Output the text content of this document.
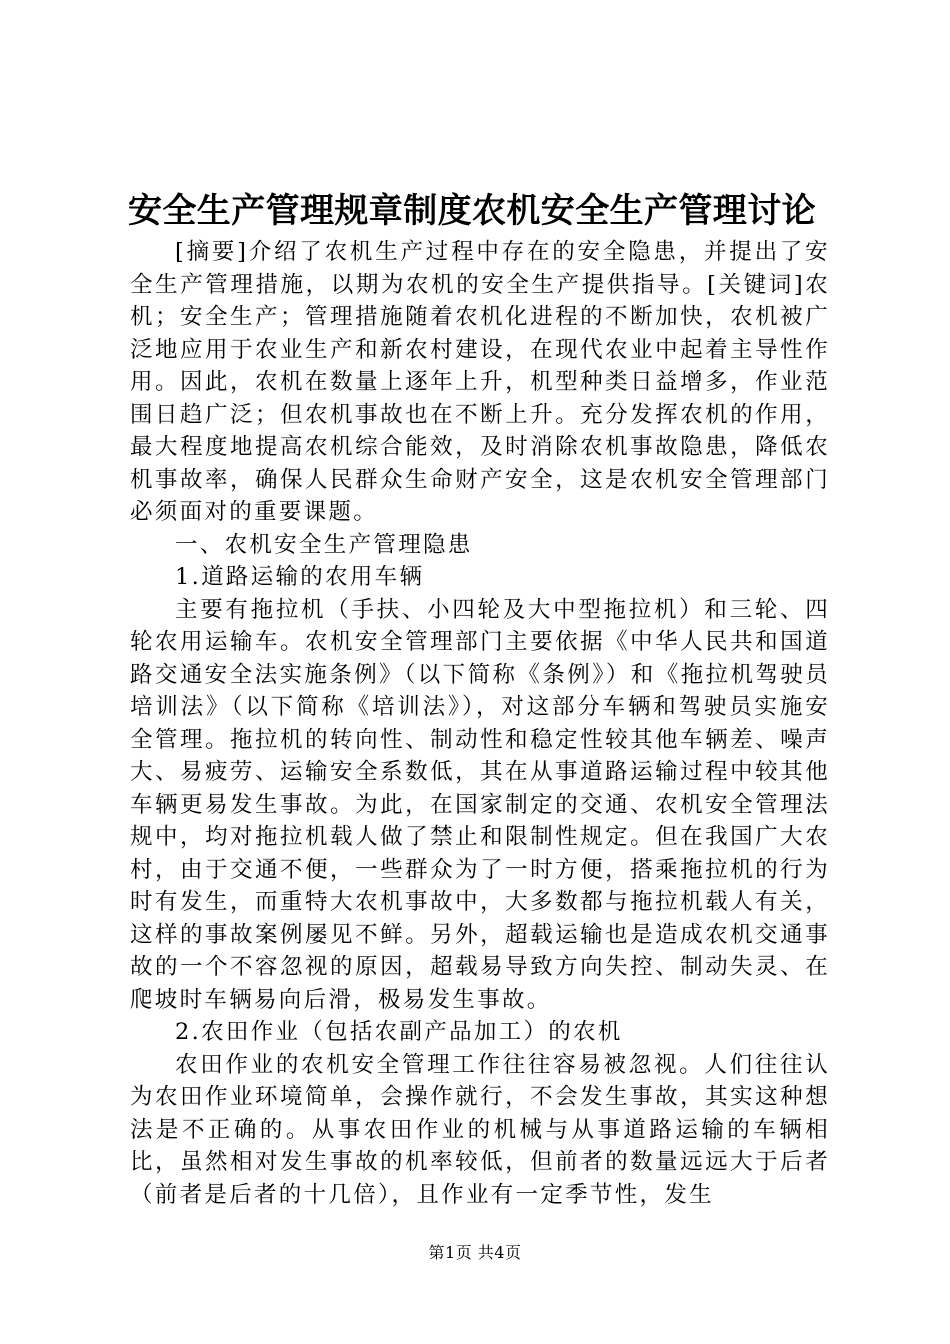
安全生产管理规章制度农机安全生产管理讨论

[摘要]介绍了农机生产过程中存在的安全隐患，并提出了安全生产管理措施，以期为农机的安全生产提供指导。[关键词]农机；安全生产；管理措施随着农机化进程的不断加快，农机被广泛地应用于农业生产和新农村建设，在现代农业中起着主导性作用。因此，农机在数量上逐年上升，机型种类日益增多，作业范围日趋广泛；但农机事故也在不断上升。充分发挥农机的作用，最大程度地提高农机综合能效，及时消除农机事故隐患，降低农机事故率，确保人民群众生命财产安全，这是农机安全管理部门必须面对的重要课题。

一、农机安全生产管理隐患

1.道路运输的农用车辆

主要有拖拉机（手扶、小四轮及大中型拖拉机）和三轮、四轮农用运输车。农机安全管理部门主要依据《中华人民共和国道路交通安全法实施条例》（以下简称《条例》）和《拖拉机驾驶员培训法》（以下简称《培训法》），对这部分车辆和驾驶员实施安全管理。拖拉机的转向性、制动性和稳定性较其他车辆差、噪声大、易疲劳、运输安全系数低，其在从事道路运输过程中较其他车辆更易发生事故。为此，在国家制定的交通、农机安全管理法规中，均对拖拉机载人做了禁止和限制性规定。但在我国广大农村，由于交通不便，一些群众为了一时方便，搭乘拖拉机的行为时有发生，而重特大农机事故中，大多数都与拖拉机载人有关，这样的事故案例屡见不鲜。另外，超载运输也是造成农机交通事故的一个不容忽视的原因，超载易导致方向失控、制动失灵、在爬坡时车辆易向后滑，极易发生事故。

2.农田作业（包括农副产品加工）的农机

农田作业的农机安全管理工作往往容易被忽视。人们往往认为农田作业环境简单，会操作就行，不会发生事故，其实这种想法是不正确的。从事农田作业的机械与从事道路运输的车辆相比，虽然相对发生事故的机率较低，但前者的数量远远大于后者（前者是后者的十几倍），且作业有一定季节性，发生

第1页 共4页
